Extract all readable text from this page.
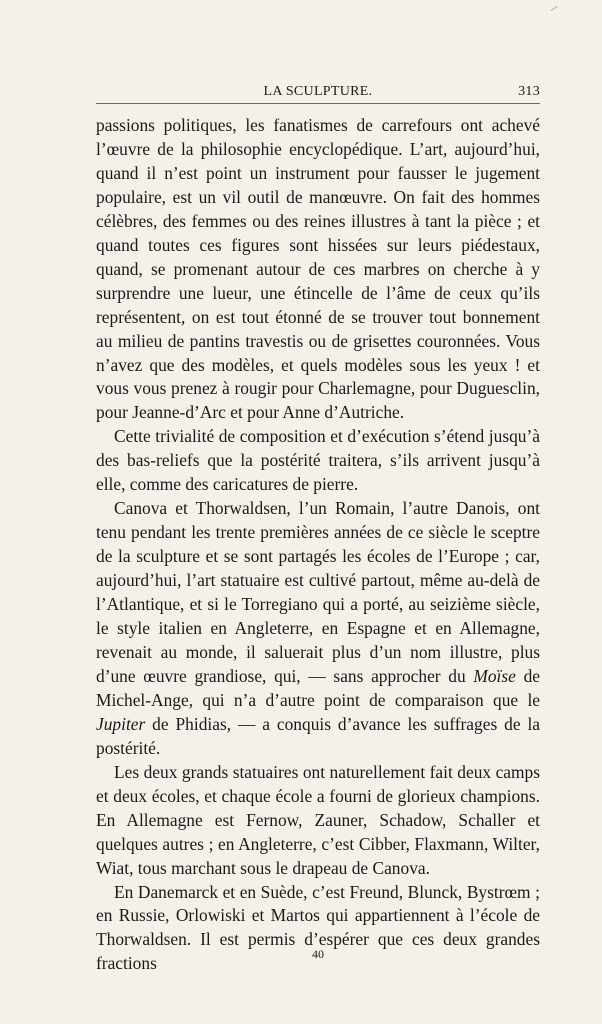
LA SCULPTURE.	313

passions politiques, les fanatismes de carrefours ont achevé l’œuvre de la philosophie encyclopédique. L’art, aujourd’hui, quand il n’est point un instrument pour fausser le jugement populaire, est un vil outil de manœuvre. On fait des hommes célèbres, des femmes ou des reines illustres à tant la pièce ; et quand toutes ces figures sont hissées sur leurs piédestaux, quand, se promenant autour de ces marbres on cherche à y surprendre une lueur, une étincelle de l’âme de ceux qu’ils représentent, on est tout étonné de se trouver tout bonnement au milieu de pantins travestis ou de grisettes couronnées. Vous n’avez que des modèles, et quels modèles sous les yeux ! et vous vous prenez à rougir pour Charlemagne, pour Duguesclin, pour Jeanne-d’Arc et pour Anne d’Autriche.

Cette trivialité de composition et d’exécution s’étend jusqu’à des bas-reliefs que la postérité traitera, s’ils arrivent jusqu’à elle, comme des caricatures de pierre.

Canova et Thorwaldsen, l’un Romain, l’autre Danois, ont tenu pendant les trente premières années de ce siècle le sceptre de la sculpture et se sont partagés les écoles de l’Europe ; car, aujourd’hui, l’art statuaire est cultivé partout, même au-delà de l’Atlantique, et si le Torregiano qui a porté, au seizième siècle, le style italien en Angleterre, en Espagne et en Allemagne, revenait au monde, il saluerait plus d’un nom illustre, plus d’une œuvre grandiose, qui, — sans approcher du Moïse de Michel-Ange, qui n’a d’autre point de comparaison que le Jupiter de Phidias, — a conquis d’avance les suffrages de la postérité.

Les deux grands statuaires ont naturellement fait deux camps et deux écoles, et chaque école a fourni de glorieux champions. En Allemagne est Fernow, Zauner, Schadow, Schaller et quelques autres ; en Angleterre, c’est Cibber, Flaxmann, Wilter, Wiat, tous marchant sous le drapeau de Canova.

En Danemarck et en Suède, c’est Freund, Blunck, Bystrœm ; en Russie, Orlowiski et Martos qui appartiennent à l’école de Thorwaldsen. Il est permis d’espérer que ces deux grandes fractions	40
